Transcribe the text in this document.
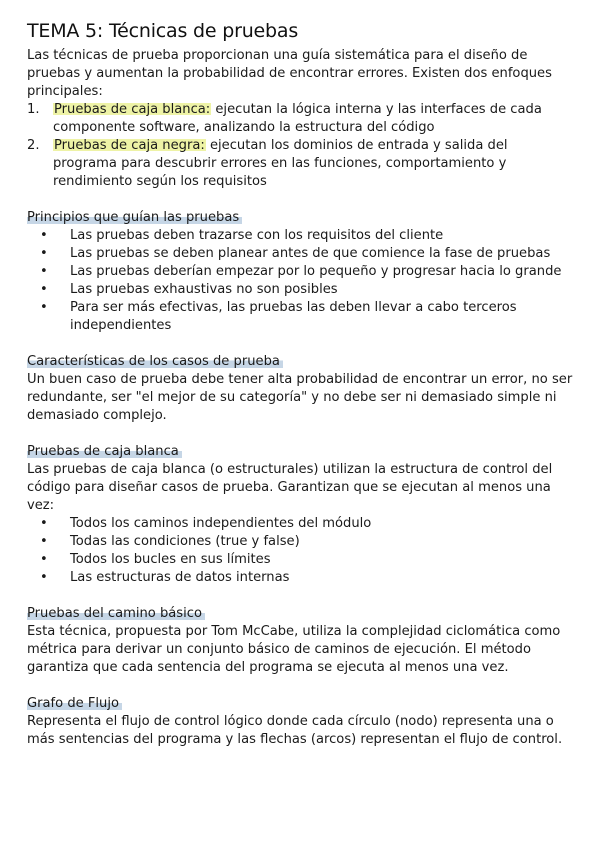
TEMA 5: Técnicas de pruebas

Las técnicas de prueba proporcionan una guía sistemática para el diseño de pruebas y aumentan la probabilidad de encontrar errores. Existen dos enfoques principales:

1. Pruebas de caja blanca: ejecutan la lógica interna y las interfaces de cada componente software, analizando la estructura del código
2. Pruebas de caja negra: ejecutan los dominios de entrada y salida del programa para descubrir errores en las funciones, comportamiento y rendimiento según los requisitos
Principios que guían las pruebas
• Las pruebas deben trazarse con los requisitos del cliente
• Las pruebas se deben planear antes de que comience la fase de pruebas
• Las pruebas deberían empezar por lo pequeño y progresar hacia lo grande
• Las pruebas exhaustivas no son posibles
• Para ser más efectivas, las pruebas las deben llevar a cabo terceros independientes
Características de los casos de prueba

Un buen caso de prueba debe tener alta probabilidad de encontrar un error, no ser redundante, ser "el mejor de su categoría" y no debe ser ni demasiado simple ni demasiado complejo.

Pruebas de caja blanca

Las pruebas de caja blanca (o estructurales) utilizan la estructura de control del código para diseñar casos de prueba. Garantizan que se ejecutan al menos una vez:

• Todos los caminos independientes del módulo
• Todas las condiciones (true y false)
• Todos los bucles en sus límites
• Las estructuras de datos internas
Pruebas del camino básico

Esta técnica, propuesta por Tom McCabe, utiliza la complejidad ciclomática como métrica para derivar un conjunto básico de caminos de ejecución. El método garantiza que cada sentencia del programa se ejecuta al menos una vez.

Grafo de Flujo

Representa el flujo de control lógico donde cada círculo (nodo) representa una o más sentencias del programa y las flechas (arcos) representan el flujo de control.
